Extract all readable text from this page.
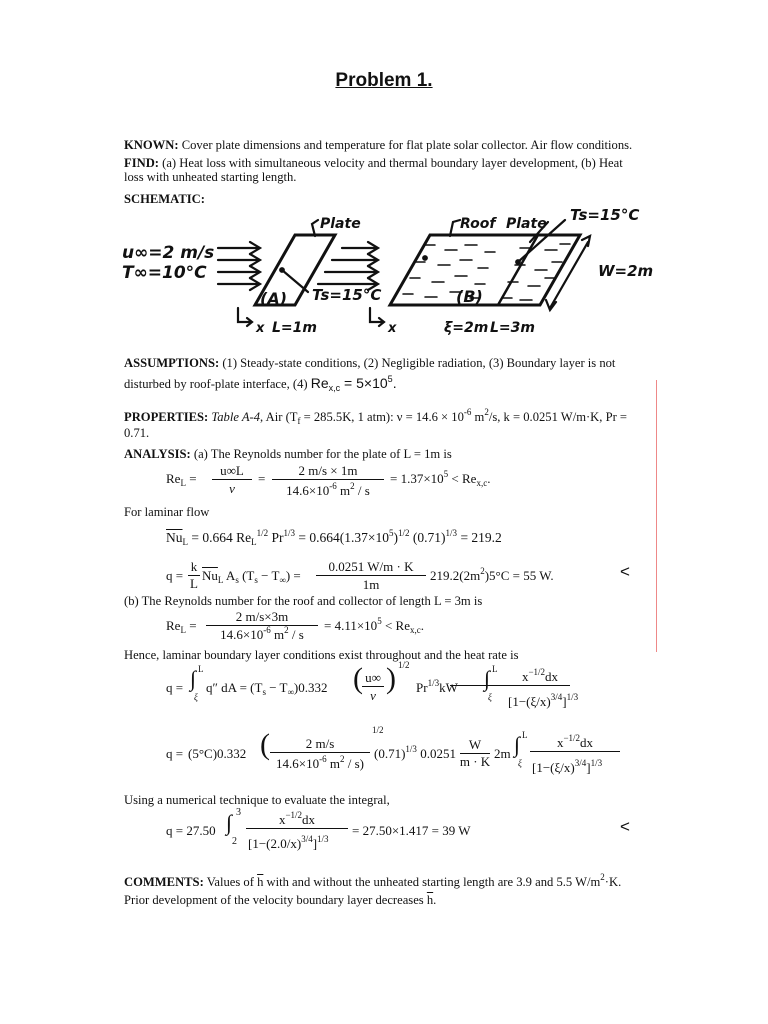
Problem 1.
KNOWN: Cover plate dimensions and temperature for flat plate solar collector. Air flow conditions.
FIND: (a) Heat loss with simultaneous velocity and thermal boundary layer development, (b) Heat
loss with unheated starting length.
SCHEMATIC:
u∞=2 m/s
T∞=10°C
Plate
(A) Ts=15°C
x L=1m
Roof Plate Ts=15°C
W=2m
(B)
x	ξ=2m L=3m
ASSUMPTIONS: (1) Steady-state conditions, (2) Negligible radiation, (3) Boundary layer is not
disturbed by roof-plate interface, (4) $Re_{x,c} = 5\times 10^5$.
PROPERTIES: Table A-4, Air ($T_f = 285.5K$, 1 atm): $\nu = 14.6 \times 10^{-6}$ $m^2/s$, k = 0.0251 W/m·K, Pr =
0.71.
ANALYSIS: (a) The Reynolds number for the plate of L = 1m is
$Re_L$ =
u∞L
ν
=
2 m/s × 1m
$14.6\times 10^{-6}$ $m^2$ / s
= $1.37\times 10^5 < Re_{x,c}$.
For laminar flow
$\overline{Nu}_L = 0.664$ $Re_L^{1/2}$ $Pr^{1/3} = 0.664(1.37\times 10^5)^{1/2}$ $(0.71)^{1/3} = 219.2$
q =
k
L
$Nu_L$ $A_s$ $(T_s - T_\infty)$ =
0.0251 W/m · K
1m
$219.2(2m^2)5^\circ C = 55$ W.	<
(b) The Reynolds number for the roof and collector of length L = 3m is
$Re_L$ =
2 m/s×3m
$14.6\times 10^{-6}$ $m^2$ / s
= $4.11\times 10^5 < Re_{x,c}$.
Hence, laminar boundary layer conditions exist throughout and the heat rate is
q = ∫ L
ξ
q″ dA = $(T_s - T_\infty)0.332$ ( u∞
ν
) 1/2
$Pr^{1/3}kW$ ∫ L
ξ
$x^{-1/2}dx$
$[1-(\xi/x)^{3/4}]^{1/3}$
q = (5°C)0.332 (	2 m/s
$14.6\times 10^{-6}$ $m^2 / s$)
1/2
$(0.71)^{1/3}$ 0.0251
W
m · K
2m ∫ L
ξ
$x^{-1/2}dx$
$[1-(\xi/x)^{3/4}]^{1/3}$
Using a numerical technique to evaluate the integral,
q = 27.50 ∫ 3
2
$x^{-1/2}dx$
$[1-(2.0/x)^{3/4}]^{1/3}$
= 27.50×1.417 = 39 W	<
COMMENTS: Values of $\overline{h}$ with and without the unheated starting length are 3.9 and 5.5 $W/m^2\cdot K$.
Prior development of the velocity boundary layer decreases $\overline{h}$.
